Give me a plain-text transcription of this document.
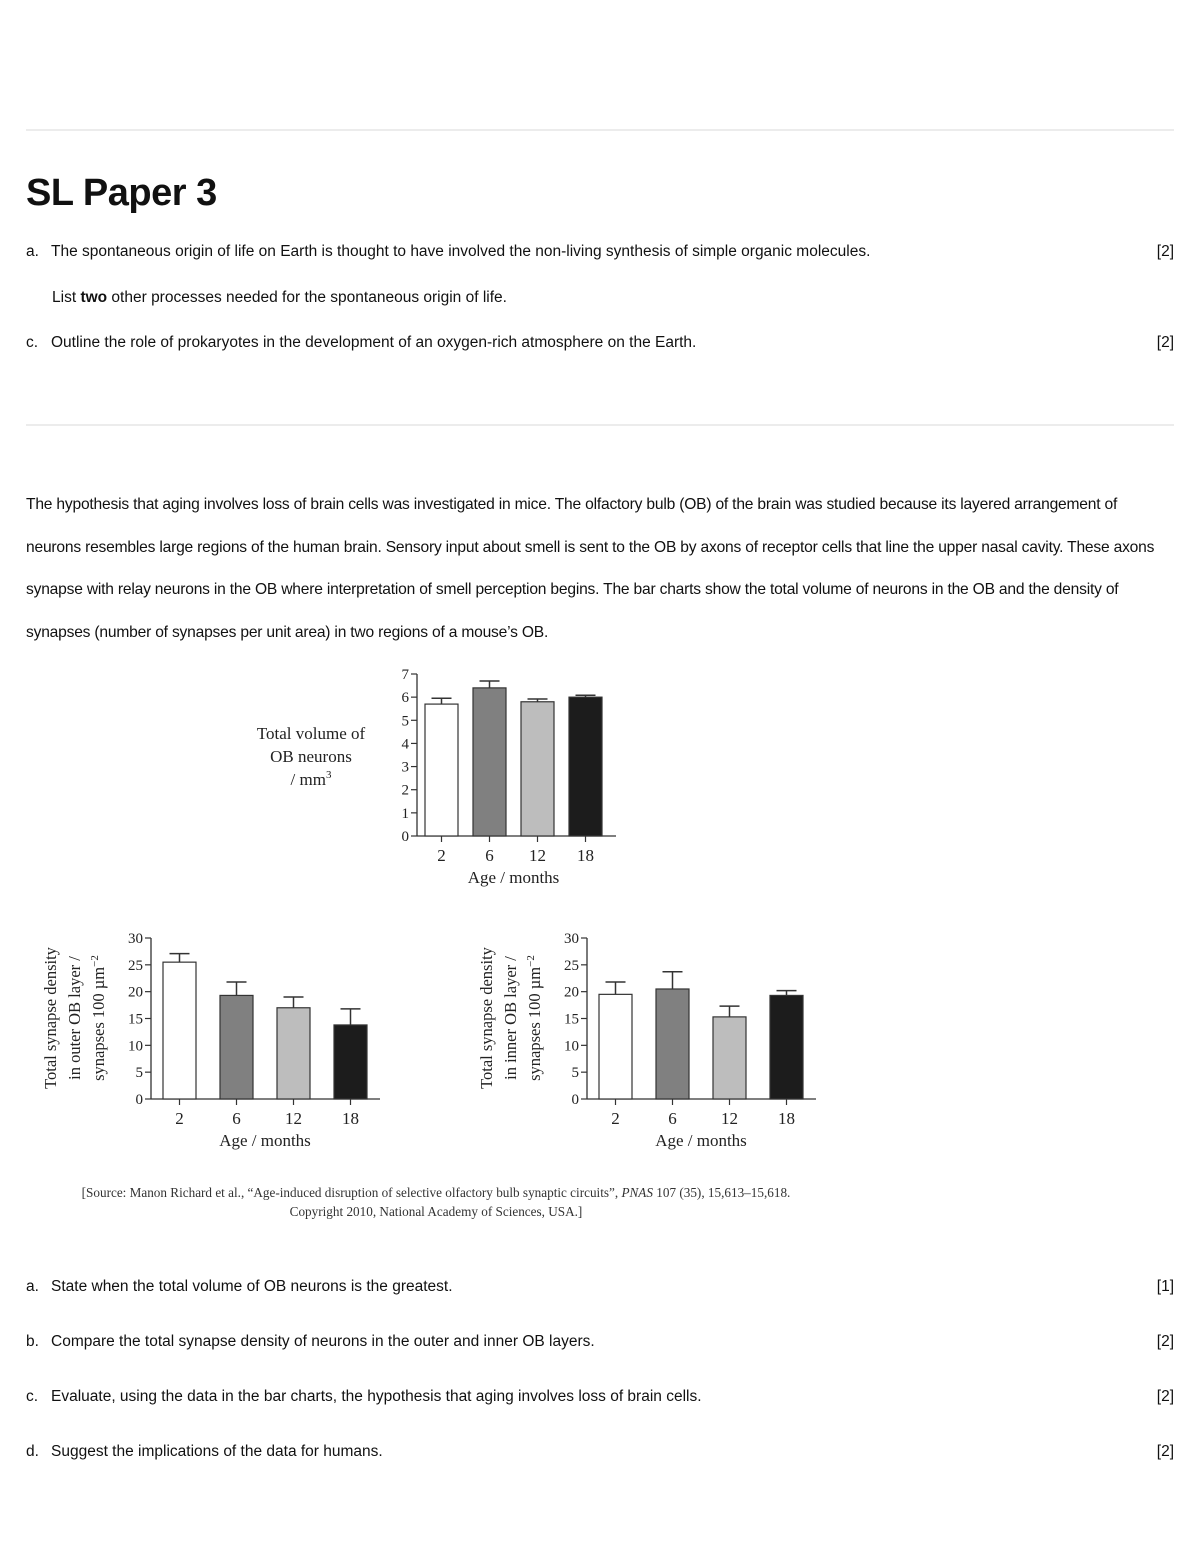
SL Paper 3
a. The spontaneous origin of life on Earth is thought to have involved the non-living synthesis of simple organic molecules.	[2]
List two other processes needed for the spontaneous origin of life.
c. Outline the role of prokaryotes in the development of an oxygen-rich atmosphere on the Earth.	[2]
The hypothesis that aging involves loss of brain cells was investigated in mice. The olfactory bulb (OB) of the brain was studied because its layered arrangement of neurons resembles large regions of the human brain. Sensory input about smell is sent to the OB by axons of receptor cells that line the upper nasal cavity. These axons synapse with relay neurons in the OB where interpretation of smell perception begins. The bar charts show the total volume of neurons in the OB and the density of synapses (number of synapses per unit area) in two regions of a mouse’s OB.
0
1
2
3
4
5
6
7
2 6 12 18
Age / months
Total volume of
OB neurons
/ $mm^3$
0
5
10
15
20
25
30
2	6	12 18
Age / months
Total synapse density in outer OB layer / synapses 100 µm$^{-2}$
0
5
10
15
20
25
30
2	6	12 18
Age / months
Total synapse density in inner OB layer / synapses 100 µm$^{-2}$
[Source: Manon Richard et al., “Age-induced disruption of selective olfactory bulb synaptic circuits”, PNAS 107 (35), 15,613–15,618.
Copyright 2010, National Academy of Sciences, USA.]
a. State when the total volume of OB neurons is the greatest.	[1]
b. Compare the total synapse density of neurons in the outer and inner OB layers.	[2]
c. Evaluate, using the data in the bar charts, the hypothesis that aging involves loss of brain cells.	[2]
d. Suggest the implications of the data for humans.	[2]
